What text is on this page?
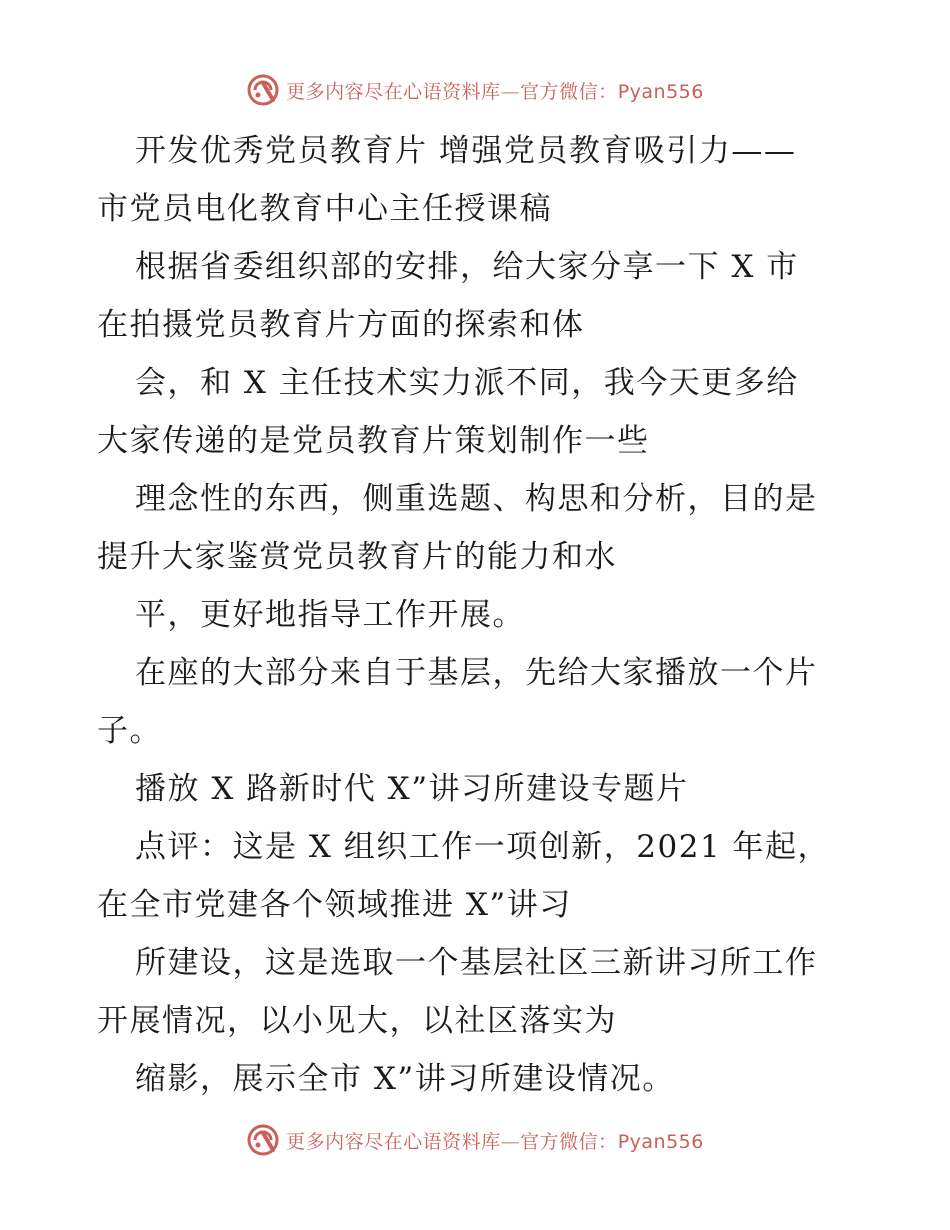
更多内容尽在心语资料库—官方微信：Pyan556
开发优秀党员教育片 增强党员教育吸引力——
市党员电化教育中心主任授课稿
根据省委组织部的安排，给大家分享一下 X 市
在拍摄党员教育片方面的探索和体
会，和 X 主任技术实力派不同，我今天更多给
大家传递的是党员教育片策划制作一些
理念性的东西，侧重选题、构思和分析，目的是
提升大家鉴赏党员教育片的能力和水
平，更好地指导工作开展。
在座的大部分来自于基层，先给大家播放一个片
子。
播放 X 路新时代 X”讲习所建设专题片
点评：这是 X 组织工作一项创新，2021 年起，
在全市党建各个领域推进 X”讲习
所建设，这是选取一个基层社区三新讲习所工作
开展情况，以小见大，以社区落实为
缩影，展示全市 X”讲习所建设情况。
更多内容尽在心语资料库—官方微信：Pyan556
